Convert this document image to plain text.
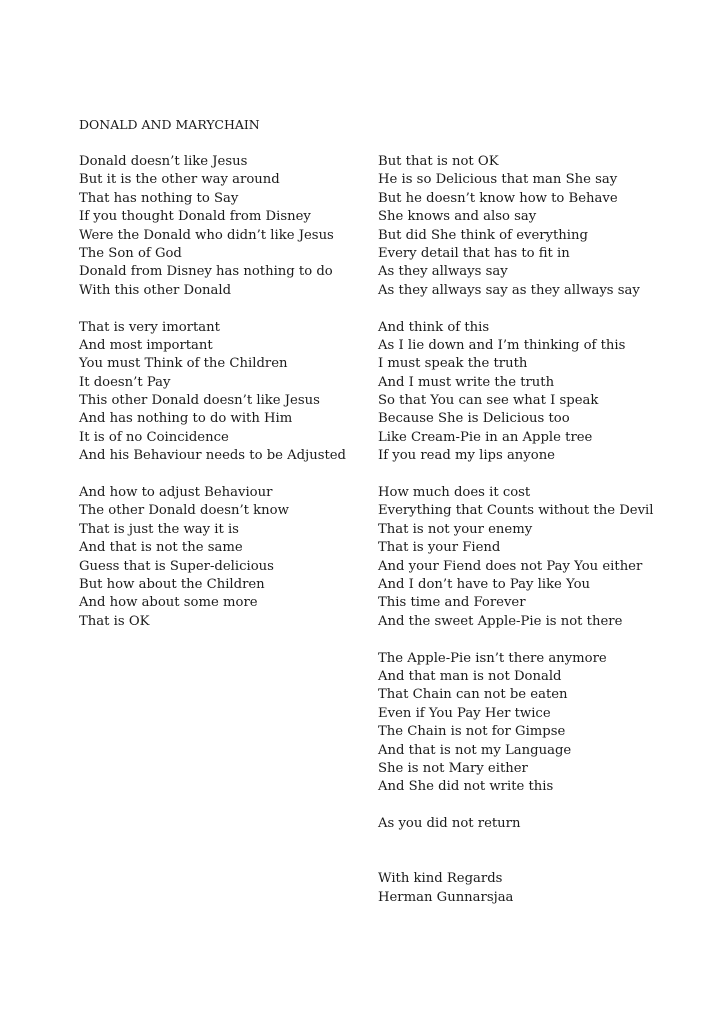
DONALD AND MARYCHAIN
Donald doesn’t like Jesus
But it is the other way around
That has nothing to Say
If you thought Donald from Disney
Were the Donald who didn’t like Jesus
The Son of God
Donald from Disney has nothing to do
With this other Donald
That is very imortant
And most important
You must Think of the Children
It doesn’t Pay
This other Donald doesn’t like Jesus
And has nothing to do with Him
It is of no Coincidence
And his Behaviour needs to be Adjusted
And how to adjust Behaviour
The other Donald doesn’t know
That is just the way it is
And that is not the same
Guess that is Super-delicious
But how about the Children
And how about some more
That is OK
But that is not OK
He is so Delicious that man She say
But he doesn’t know how to Behave
She knows and also say
But did She think of everything
Every detail that has to fit in
As they allways say
As they allways say as they allways say
And think of this
As I lie down and I’m thinking of this
I must speak the truth
And I must write the truth
So that You can see what I speak
Because She is Delicious too
Like Cream-Pie in an Apple tree
If you read my lips anyone
How much does it cost
Everything that Counts without the Devil
That is not your enemy
That is your Fiend
And your Fiend does not Pay You either
And I don’t have to Pay like You
This time and Forever
And the sweet Apple-Pie is not there
The Apple-Pie isn’t there anymore
And that man is not Donald
That Chain can not be eaten
Even if You Pay Her twice
The Chain is not for Gimpse
And that is not my Language
She is not Mary either
And She did not write this
As you did not return
With kind Regards
Herman Gunnarsjaa
